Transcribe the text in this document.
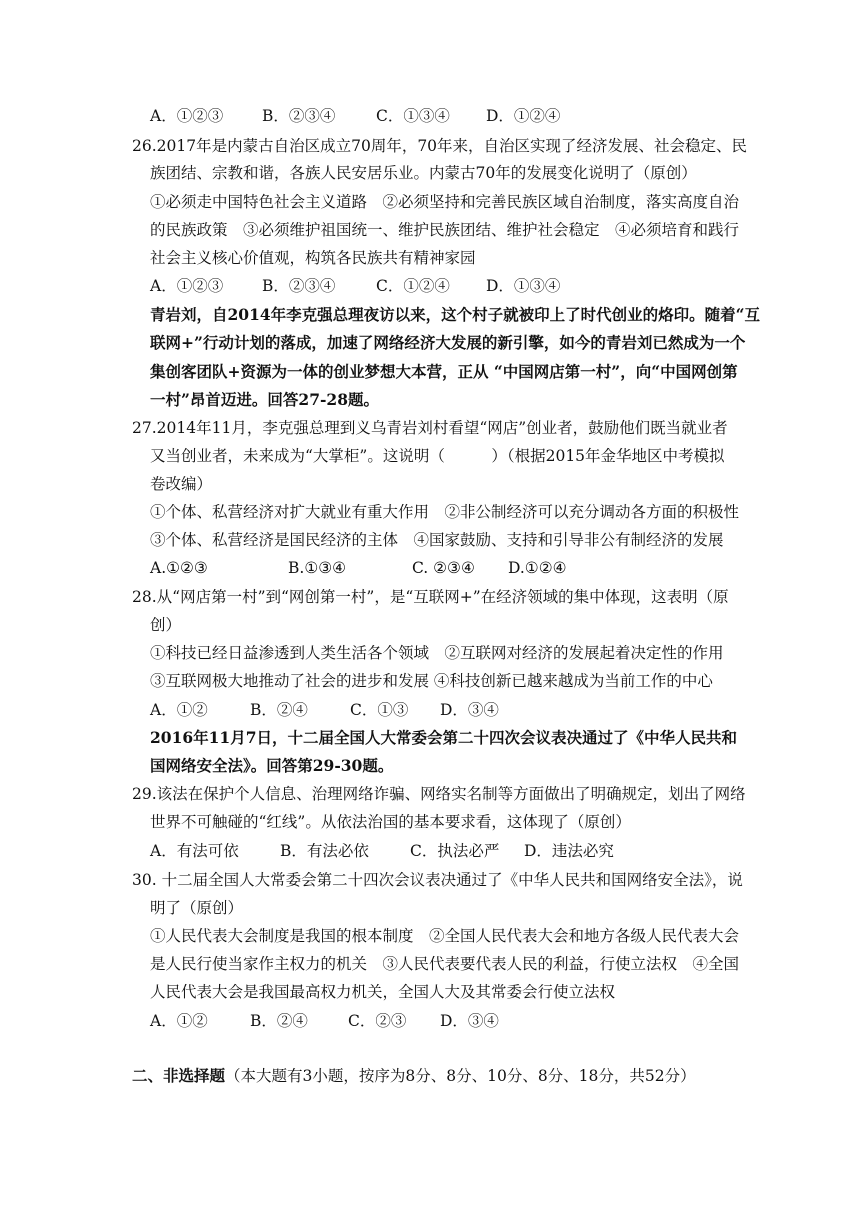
A．①②③	B．②③④	C．①③④ D．①②④
26.2017年是内蒙古自治区成立70周年，70年来，自治区实现了经济发展、社会稳定、民
族团结、宗教和谐，各族人民安居乐业。内蒙古70年的发展变化说明了（原创）
①必须走中国特色社会主义道路　②必须坚持和完善民族区域自治制度，落实高度自治
的民族政策　③必须维护祖国统一、维护民族团结、维护社会稳定　④必须培育和践行
社会主义核心价值观，构筑各民族共有精神家园
A．①②③	B．②③④	C．①②④ D．①③④
青岩刘，自2014年李克强总理夜访以来，这个村子就被印上了时代创业的烙印。随着“互
联网+”行动计划的落成，加速了网络经济大发展的新引擎，如今的青岩刘已然成为一个
集创客团队+资源为一体的创业梦想大本营，正从 “中国网店第一村”，向“中国网创第
一村”昂首迈进。回答27-28题。
27.2014年11月，李克强总理到义乌青岩刘村看望“网店”创业者，鼓励他们既当就业者
又当创业者，未来成为“大掌柜”。这说明（　　　）（根据2015年金华地区中考模拟
卷改编）
①个体、私营经济对扩大就业有重大作用　②非公制经济可以充分调动各方面的积极性
③个体、私营经济是国民经济的主体　④国家鼓励、支持和引导非公有制经济的发展
A.①②③	B.①③④	C. ②③④ D.①②④
28.从“网店第一村”到“网创第一村”，是“互联网+”在经济领域的集中体现，这表明（原
创）
①科技已经日益渗透到人类生活各个领域　②互联网对经济的发展起着决定性的作用
③互联网极大地推动了社会的进步和发展 ④科技创新已越来越成为当前工作的中心
A．①②	B．②④	C．①③ D．③④
2016年11月7日，十二届全国人大常委会第二十四次会议表决通过了《中华人民共和
国网络安全法》。回答第29-30题。
29.该法在保护个人信息、治理网络诈骗、网络实名制等方面做出了明确规定，划出了网络
世界不可触碰的“红线”。从依法治国的基本要求看，这体现了（原创）
A．有法可依	B．有法必依	C．执法必严 D．违法必究
30. 十二届全国人大常委会第二十四次会议表决通过了《中华人民共和国网络安全法》，说
明了（原创）
①人民代表大会制度是我国的根本制度　②全国人民代表大会和地方各级人民代表大会
是人民行使当家作主权力的机关　③人民代表要代表人民的利益，行使立法权　④全国
人民代表大会是我国最高权力机关，全国人大及其常委会行使立法权
A．①②	B．②④	C．②③ D．③④
二、非选择题（本大题有3小题，按序为8分、8分、10分、8分、18分，共52分）
